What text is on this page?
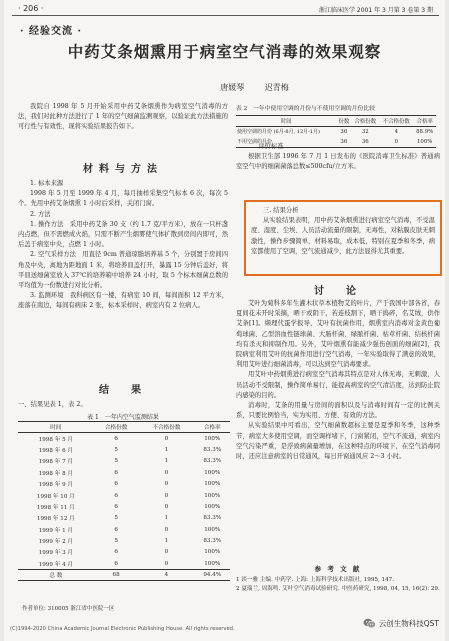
· 206 ·	浙江临床医学 2001 年 3 月第 3 卷第 3 期
· 经验交流 ·
中药艾条烟熏用于病室空气消毒的效果观察
唐媛琴 迟青梅

我院自 1998 年 5 月开始采用中药艾条烟熏作为病室空气消毒的方法，我们对此种方法进行了 1 年的空气细菌监测观察，以验证此方法措施的可行性与有效性，现将实验结果报告如下。

材料与方法

1. 标本来源

1998 年 5 月至 1999 年 4 月，每月抽样采集空气标本 6 次，每次 5 个。先用中药艾条烟熏 1 小时后采样，关闭门窗。

2. 方法

1. 操作方法　采用中药艾条 30 支（约 1.7 克/平方米），放在一只杯盏内点燃，但不需燃成火焰，只需不断产生烟雾使气体扩散到房间内即可，然后盖于病室中央，点燃 1 小时。

2. 空气采样方法　用直径 9cm 普通琼脂培养基 5 个，分别置于房间四角及中央，离地为距地面 1 米，将培养皿盖打开，暴露 15 分钟后盖好，将平皿送细菌室放入 37℃的培养箱中培养 24 小时，取 5 个标本细菌总数的平均值为一份数进行对比分析。

3. 监测环境　我科病区有一楼，有病室 10 间，每间面积 12 平方米，座落在南边，每间有病床 2 张，标本采样时，病室内有 2 位病人。

结　果

一、结果见表 1，表 2。

表 1　一年内空气监测结果
时间	合格份数	不合格份数	合格率
1998 年 5 月	6	0	100%
1998 年 6 月	5	1	83.3%
1998 年 7 月	5	1	83.3%
1998 年 8 月	6	0	100%
1998 年 9 月	6	0	100%
1998 年 10 月	6	0	100%
1998 年 11 月	6	0	100%
1998 年 12 月	5	1	83.3%
1999 年 1 月	6	0	100%
1999 年 2 月	5	1	83.3%
1999 年 3 月	6	0	100%
1999 年 4 月	6	0	100%
总 数	68	4	94.4%
作者单位: 310005 浙江省中医院一区
(C)1994-2020 China Academic Journal Electronic Publishing House. All rights reserved.
表 2　一年中使用空调的月份与不使用空调的月份比较
时间	份数	合格份数	不合格份数	合格率
使用空调的月份 (6月-8月, 12月-1月)	36	32	4	88.9%
不用空调的月份	36	36	0	100%

二. 评价标准

根据卫生部 1996 年 7 月 1 日发布的《医院消毒卫生标准》普通病室空气中的细菌菌落总数≤500cfu/立方米。

三. 结果分析

从实验结果表明，用中药艾条烟熏进行病室空气消毒，不受温度、湿度、尘埃、人员活动流量的限制，无毒性，对粘膜皮肤无刺激性，操作步骤简单，材料易取，成本低，特别在夏季和冬季，病室都使用了空调，空气流通减少，此方法显得尤其重要。

讨　论

艾叶为菊科多年生灌木状草本植物艾的叶片，产于我国中部各省，春夏间花未开时采摘，晒干或阴干，若连枝割下，晒干捣碎，名艾绒，供作艾条[1]。缬理代蛋学报导，艾叶有抗菌作用，烟熏室内消毒对金黄色葡萄球菌、乙型溶血性链球菌、大肠杆菌、绿脓杆菌、枯草杆菌、结核杆菌均有杀灭和抑制作用。另外，艾叶烟熏有能减少强伤创面的细菌[2]，我院病室利用艾叶的抗菌作用进行空气消毒，一年实验取得了满意的效果，利用艾叶进行细菌消毒，可以达到空气消毒要求。

用艾叶中药烟熏进行病室空气消毒其特点是对人体无毒，无刺激，人员活动不受限制，操作简单易行，能提高病室的空气清洁度，达到防止院内感染的目的。

消毒时，艾条的用量与房间的面积以及与消毒时间有一定的比例关系，只要比例恰当，实为实用、方便、有效的方法。

从实验结果中可看出，空气细菌数超标主要是夏季和冬季，这种季节，病室大多使用空调，而空调样堵下，门窗紧闭，空气不流通，病室内空气污染严重，是浮致病菌量增加，在这种特点的环境下，在空气消毒同时，还应注意病室的日常通风，每日开窗通风应 2～3 小时。

参 考 文 献
1 谈一雅 主编. 中药学. 上海: 上海科学技术出版社, 1995, 147.
2 夏瑞兰, 周海鸣. 艾叶空气消毒试验研究. 中医药研究, 1998, 04, 15, 16(2): 29.
云创生物科技QST
